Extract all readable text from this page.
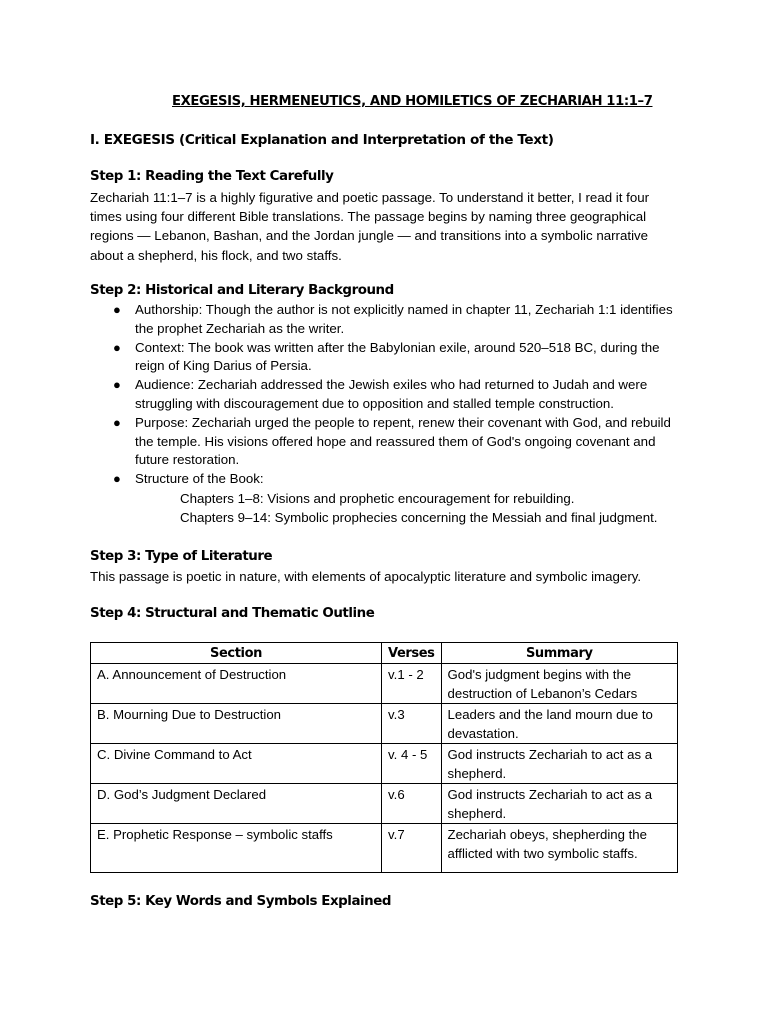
EXEGESIS, HERMENEUTICS, AND HOMILETICS OF ZECHARIAH 11:1–7
I. EXEGESIS (Critical Explanation and Interpretation of the Text)
Step 1: Reading the Text Carefully
Zechariah 11:1–7 is a highly figurative and poetic passage. To understand it better, I read it four times using four different Bible translations. The passage begins by naming three geographical regions — Lebanon, Bashan, and the Jordan jungle — and transitions into a symbolic narrative about a shepherd, his flock, and two staffs.
Step 2: Historical and Literary Background
● Authorship: Though the author is not explicitly named in chapter 11, Zechariah 1:1 identifies the prophet Zechariah as the writer.
● Context: The book was written after the Babylonian exile, around 520–518 BC, during the reign of King Darius of Persia.
● Audience: Zechariah addressed the Jewish exiles who had returned to Judah and were struggling with discouragement due to opposition and stalled temple construction.
● Purpose: Zechariah urged the people to repent, renew their covenant with God, and rebuild the temple. His visions offered hope and reassured them of God's ongoing covenant and future restoration.
● Structure of the Book:
Chapters 1–8: Visions and prophetic encouragement for rebuilding.
Chapters 9–14: Symbolic prophecies concerning the Messiah and final judgment.
Step 3: Type of Literature
This passage is poetic in nature, with elements of apocalyptic literature and symbolic imagery.
Step 4: Structural and Thematic Outline
Section	Verses	Summary
A. Announcement of Destruction	v.1 - 2	God's judgment begins with the destruction of Lebanon’s Cedars
B. Mourning Due to Destruction	v.3	Leaders and the land mourn due to devastation.
C. Divine Command to Act	v. 4 - 5	God instructs Zechariah to act as a shepherd.
D. God’s Judgment Declared	v.6	God instructs Zechariah to act as a shepherd.
E. Prophetic Response – symbolic staffs	v.7	Zechariah obeys, shepherding the afflicted with two symbolic staffs.
Step 5: Key Words and Symbols Explained
